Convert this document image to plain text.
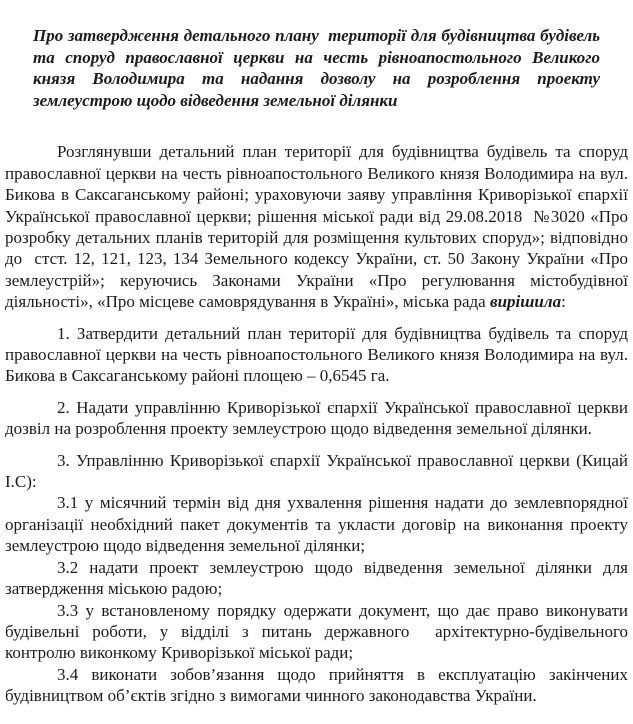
Про затвердження детального плану  території для будівництва будівель та споруд православної церкви на честь рівноапостольного Великого князя Володимира та надання дозволу на розроблення проекту землеустрою щодо відведення земельної ділянки

Розглянувши детальний план території для будівництва будівель та споруд православної церкви на честь рівноапостольного Великого князя Володимира на вул. Бикова в Саксаганському районі; ураховуючи заяву управління Криворізької єпархії Української православної церкви; рішення міської ради від 29.08.2018  №3020 «Про розробку детальних планів територій для розміщення культових споруд»; відповідно до  стст. 12, 121, 123, 134 Земельного кодексу України, ст. 50 Закону України «Про землеустрій»; керуючись Законами України «Про регулювання містобудівної діяльності», «Про місцеве самоврядування в Україні», міська рада вирішила:

1. Затвердити детальний план території для будівництва будівель та споруд православної церкви на честь рівноапостольного Великого князя Володимира на вул. Бикова в Саксаганському районі площею – 0,6545 га.

2. Надати управлінню Криворізької єпархії Української православної церкви дозвіл на розроблення проекту землеустрою щодо відведення земельної ділянки.

3. Управлінню Криворізької єпархії Української православної церкви (Кицай І.С):

3.1 у місячний термін від дня ухвалення рішення надати до землевпорядної організації необхідний пакет документів та укласти договір на виконання проекту землеустрою щодо відведення земельної ділянки;

3.2 надати проект землеустрою щодо відведення земельної ділянки для затвердження міською радою;

3.3 у встановленому порядку одержати документ, що дає право виконувати будівельні роботи, у відділі з питань державного  архітектурно-будівельного контролю виконкому Криворізької міської ради;

3.4 виконати зобов’язання щодо прийняття в експлуатацію закінчених будівництвом об’єктів згідно з вимогами чинного законодавства України.
